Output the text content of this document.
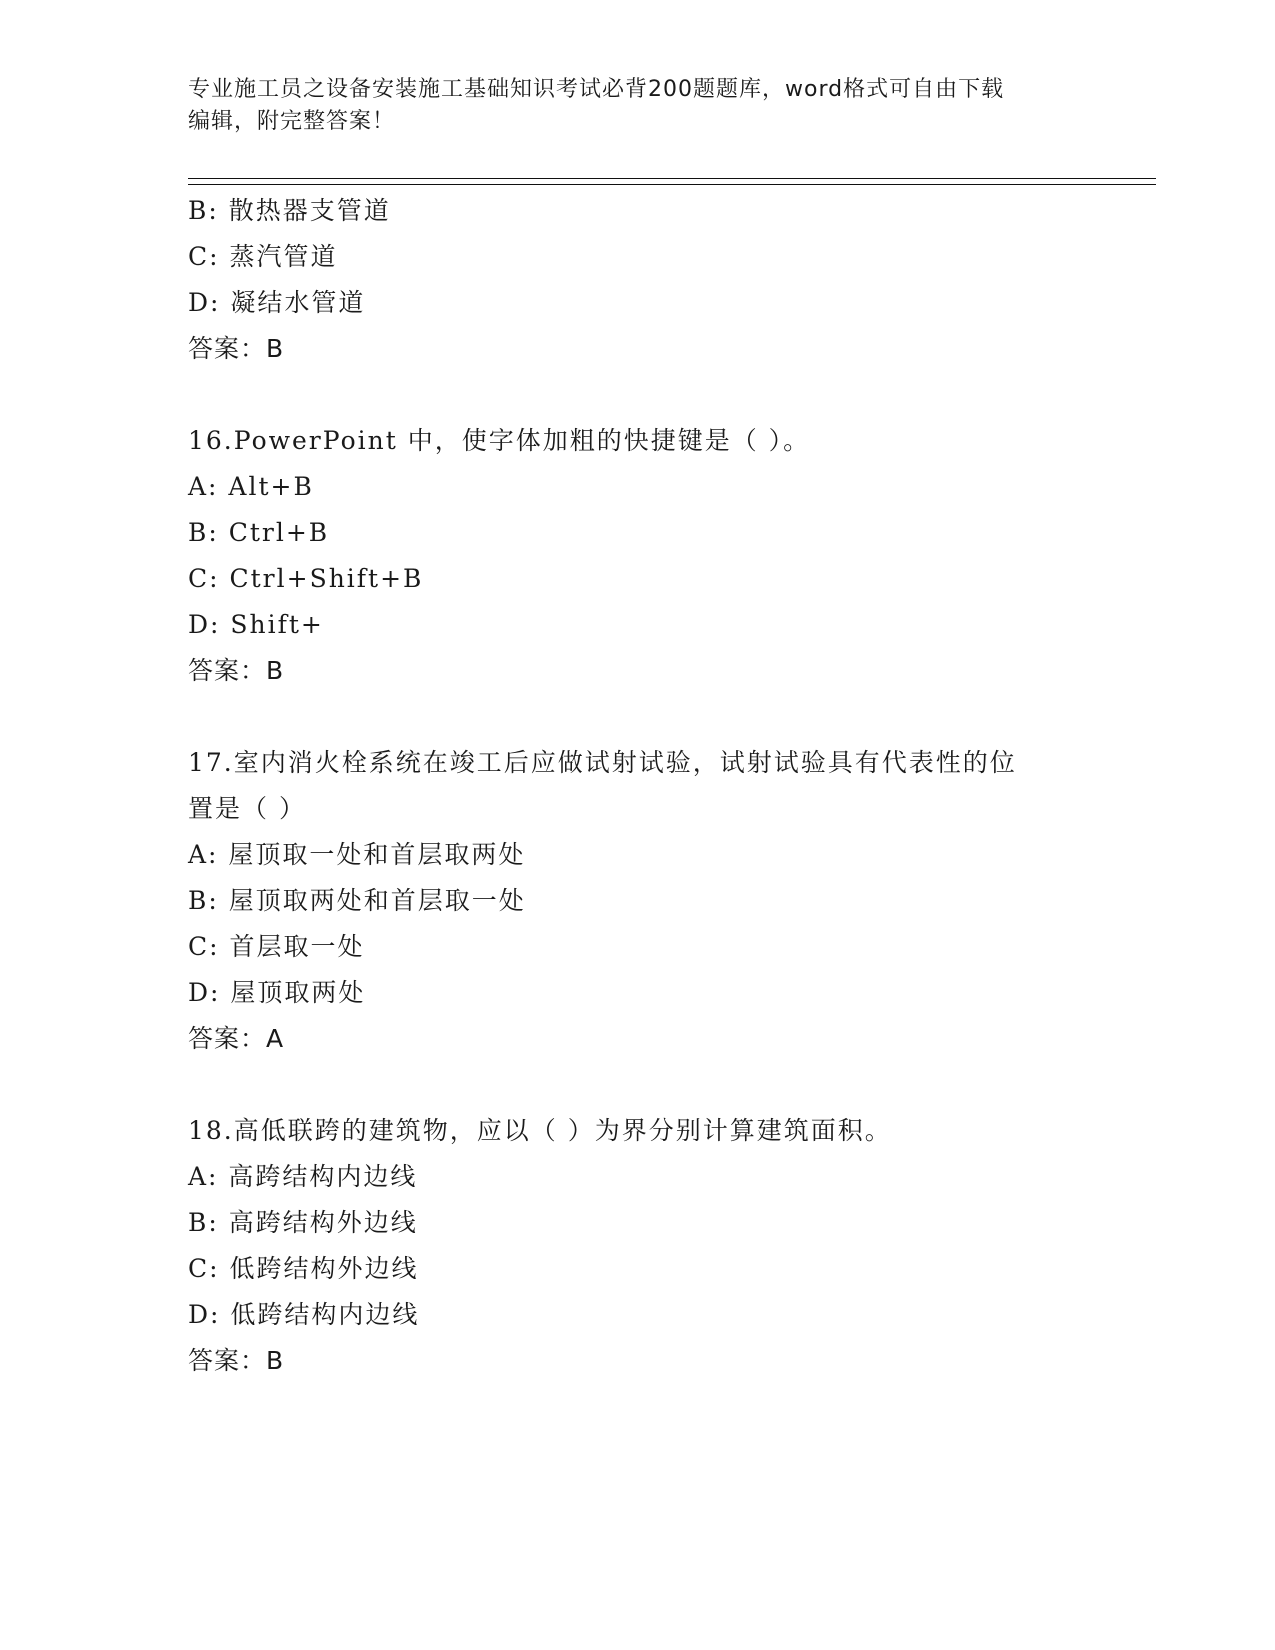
专业施工员之设备安装施工基础知识考试必背200题题库，word格式可自由下载
编辑，附完整答案！
B: 散热器支管道
C: 蒸汽管道
D: 凝结水管道
答案：B
16.PowerPoint 中，使字体加粗的快捷键是（ ）。
A: Alt+B
B: Ctrl+B
C: Ctrl+Shift+B
D: Shift+
答案：B
17.室内消火栓系统在竣工后应做试射试验，试射试验具有代表性的位
置是（ ）
A: 屋顶取一处和首层取两处
B: 屋顶取两处和首层取一处
C: 首层取一处
D: 屋顶取两处
答案：A
18.高低联跨的建筑物，应以（ ）为界分别计算建筑面积。
A: 高跨结构内边线
B: 高跨结构外边线
C: 低跨结构外边线
D: 低跨结构内边线
答案：B
